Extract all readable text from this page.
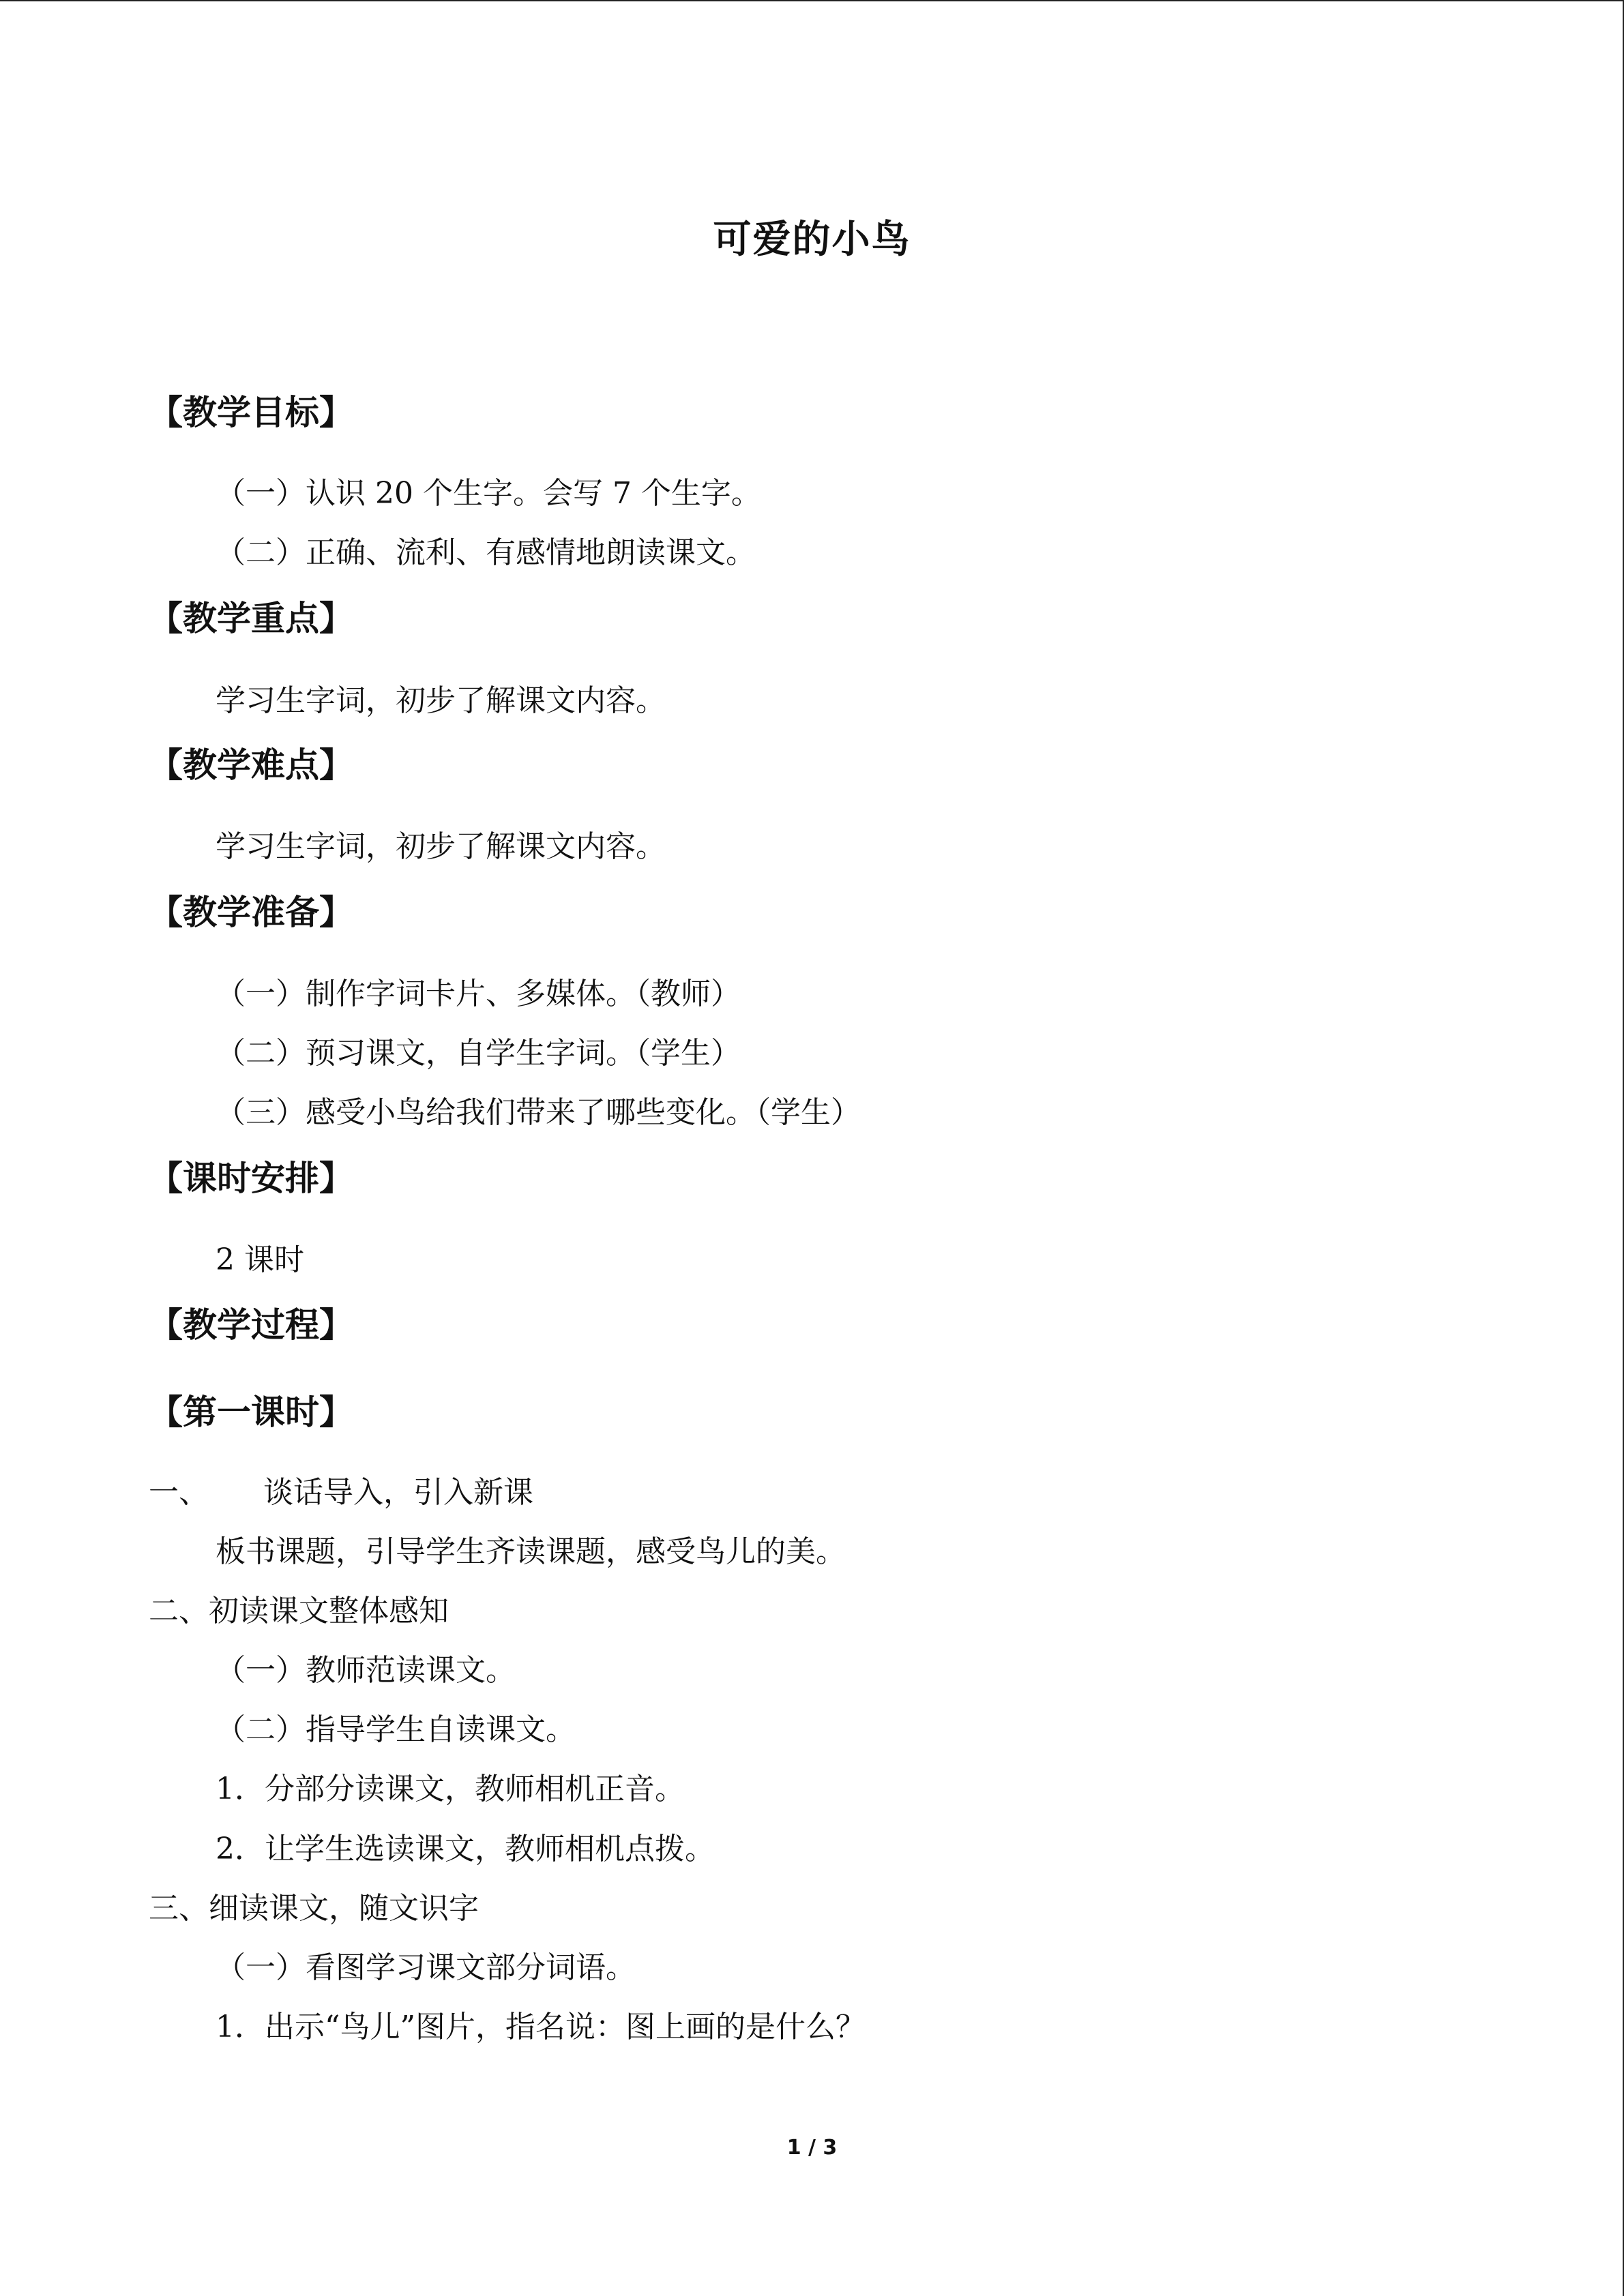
可爱的小鸟
【教学目标】
（一）认识 20 个生字。会写 7 个生字。
（二）正确、流利、有感情地朗读课文。
【教学重点】
学习生字词，初步了解课文内容。
【教学难点】
学习生字词，初步了解课文内容。
【教学准备】
（一）制作字词卡片、多媒体。（教师）
（二）预习课文，自学生字词。（学生）
（三）感受小鸟给我们带来了哪些变化。（学生）
【课时安排】
2 课时
【教学过程】
【第一课时】
一、 谈话导入，引入新课
板书课题，引导学生齐读课题，感受鸟儿的美。
二、初读课文整体感知
（一）教师范读课文。
（二）指导学生自读课文。
1．分部分读课文，教师相机正音。
2．让学生选读课文，教师相机点拨。
三、细读课文，随文识字
（一）看图学习课文部分词语。
1．出示“鸟儿”图片，指名说：图上画的是什么？
1 / 3
